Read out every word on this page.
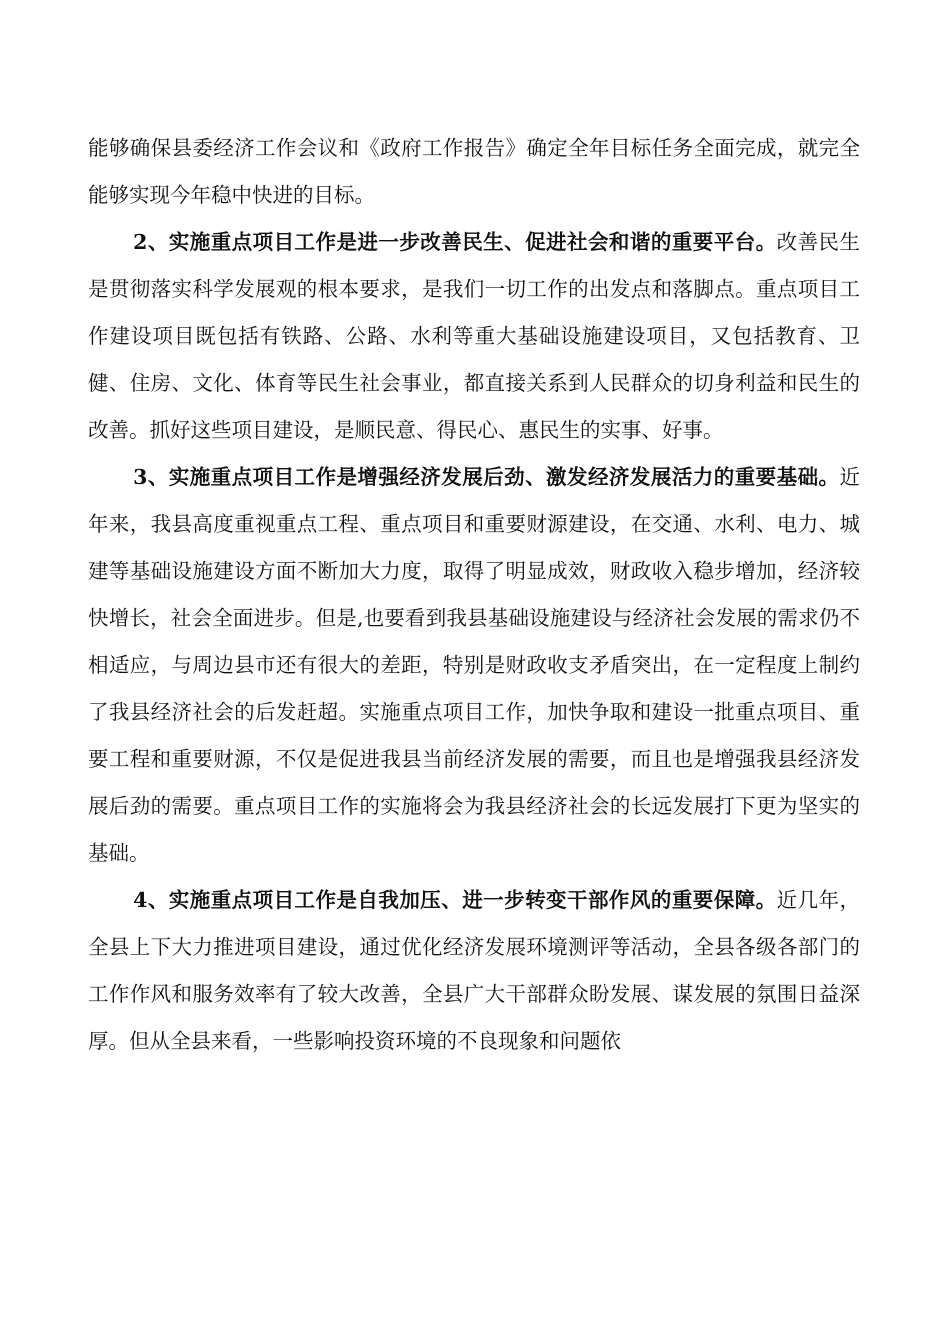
能够确保县委经济工作会议和《政府工作报告》确定全年目标任务全面完成，就完全能够实现今年稳中快进的目标。

2、实施重点项目工作是进一步改善民生、促进社会和谐的重要平台。改善民生是贯彻落实科学发展观的根本要求，是我们一切工作的出发点和落脚点。重点项目工作建设项目既包括有铁路、公路、水利等重大基础设施建设项目，又包括教育、卫健、住房、文化、体育等民生社会事业，都直接关系到人民群众的切身利益和民生的改善。抓好这些项目建设，是顺民意、得民心、惠民生的实事、好事。

3、实施重点项目工作是增强经济发展后劲、激发经济发展活力的重要基础。近年来，我县高度重视重点工程、重点项目和重要财源建设，在交通、水利、电力、城建等基础设施建设方面不断加大力度，取得了明显成效，财政收入稳步增加，经济较快增长，社会全面进步。但是,也要看到我县基础设施建设与经济社会发展的需求仍不相适应，与周边县市还有很大的差距，特别是财政收支矛盾突出，在一定程度上制约了我县经济社会的后发赶超。实施重点项目工作，加快争取和建设一批重点项目、重要工程和重要财源，不仅是促进我县当前经济发展的需要，而且也是增强我县经济发展后劲的需要。重点项目工作的实施将会为我县经济社会的长远发展打下更为坚实的基础。

4、实施重点项目工作是自我加压、进一步转变干部作风的重要保障。近几年，全县上下大力推进项目建设，通过优化经济发展环境测评等活动，全县各级各部门的工作作风和服务效率有了较大改善，全县广大干部群众盼发展、谋发展的氛围日益深厚。但从全县来看，一些影响投资环境的不良现象和问题依
